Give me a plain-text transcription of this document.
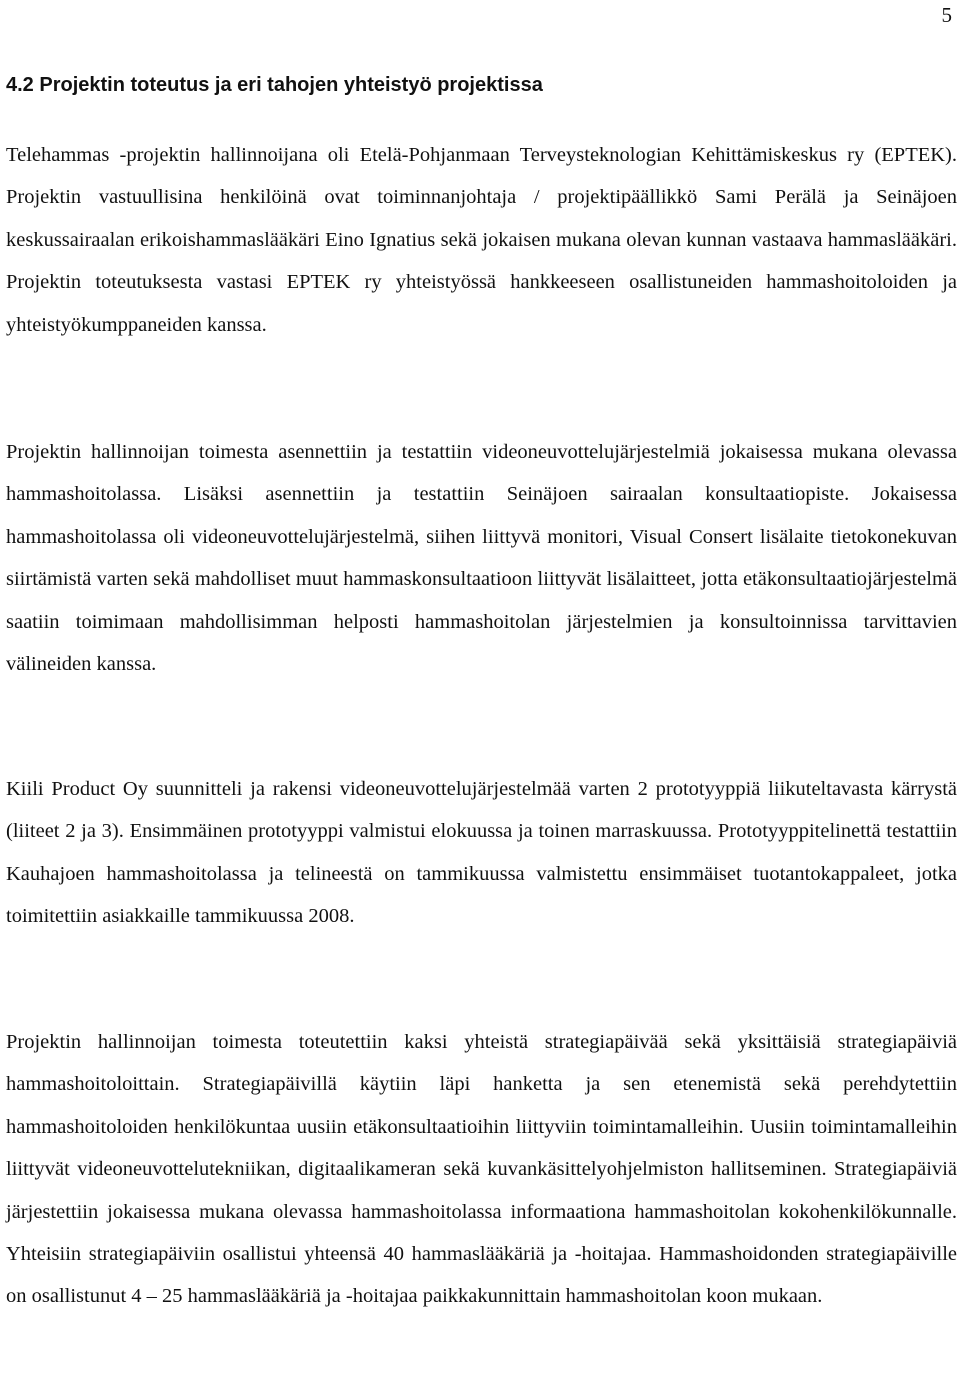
5
4.2 Projektin toteutus ja eri tahojen yhteistyö projektissa

Telehammas -projektin hallinnoijana oli Etelä-Pohjanmaan Terveysteknologian Kehittämiskeskus ry (EPTEK). Projektin vastuullisina henkilöinä ovat toiminnanjohtaja / projektipäällikkö Sami Perälä ja Seinäjoen keskussairaalan erikoishammaslääkäri Eino Ignatius sekä jokaisen mukana olevan kunnan vastaava hammaslääkäri. Projektin toteutuksesta vastasi EPTEK ry yhteistyössä hankkeeseen osallistuneiden hammashoitoloiden ja yhteistyökumppaneiden kanssa.

Projektin hallinnoijan toimesta asennettiin ja testattiin videoneuvottelujärjestelmiä jokaisessa mukana olevassa hammashoitolassa. Lisäksi asennettiin ja testattiin Seinäjoen sairaalan konsultaatiopiste. Jokaisessa hammashoitolassa oli videoneuvottelujärjestelmä, siihen liittyvä monitori, Visual Consert lisälaite tietokonekuvan siirtämistä varten sekä mahdolliset muut hammaskonsultaatioon liittyvät lisälaitteet, jotta etäkonsultaatiojärjestelmä saatiin toimimaan mahdollisimman helposti hammashoitolan järjestelmien ja konsultoinnissa tarvittavien välineiden kanssa.

Kiili Product Oy suunnitteli ja rakensi videoneuvottelujärjestelmää varten 2 prototyyppiä liikuteltavasta kärrystä (liiteet 2 ja 3). Ensimmäinen prototyyppi valmistui elokuussa ja toinen marraskuussa. Prototyyppitelinettä testattiin Kauhajoen hammashoitolassa ja telineestä on tammikuussa valmistettu ensimmäiset tuotantokappaleet, jotka toimitettiin asiakkaille tammikuussa 2008.

Projektin hallinnoijan toimesta toteutettiin kaksi yhteistä strategiapäivää sekä yksittäisiä strategiapäiviä hammashoitoloittain. Strategiapäivillä käytiin läpi hanketta ja sen etenemistä sekä perehdytettiin hammashoitoloiden henkilökuntaa uusiin etäkonsultaatioihin liittyviin toimintamalleihin. Uusiin toimintamalleihin liittyvät videoneuvottelutekniikan, digitaalikameran sekä kuvankäsittelyohjelmiston hallitseminen. Strategiapäiviä järjestettiin jokaisessa mukana olevassa hammashoitolassa informaationa hammashoitolan kokohenkilökunnalle. Yhteisiin strategiapäiviin osallistui yhteensä 40 hammaslääkäriä ja -hoitajaa. Hammashoidonden strategiapäiville on osallistunut 4 – 25 hammaslääkäriä ja -hoitajaa paikkakunnittain hammashoitolan koon mukaan.
